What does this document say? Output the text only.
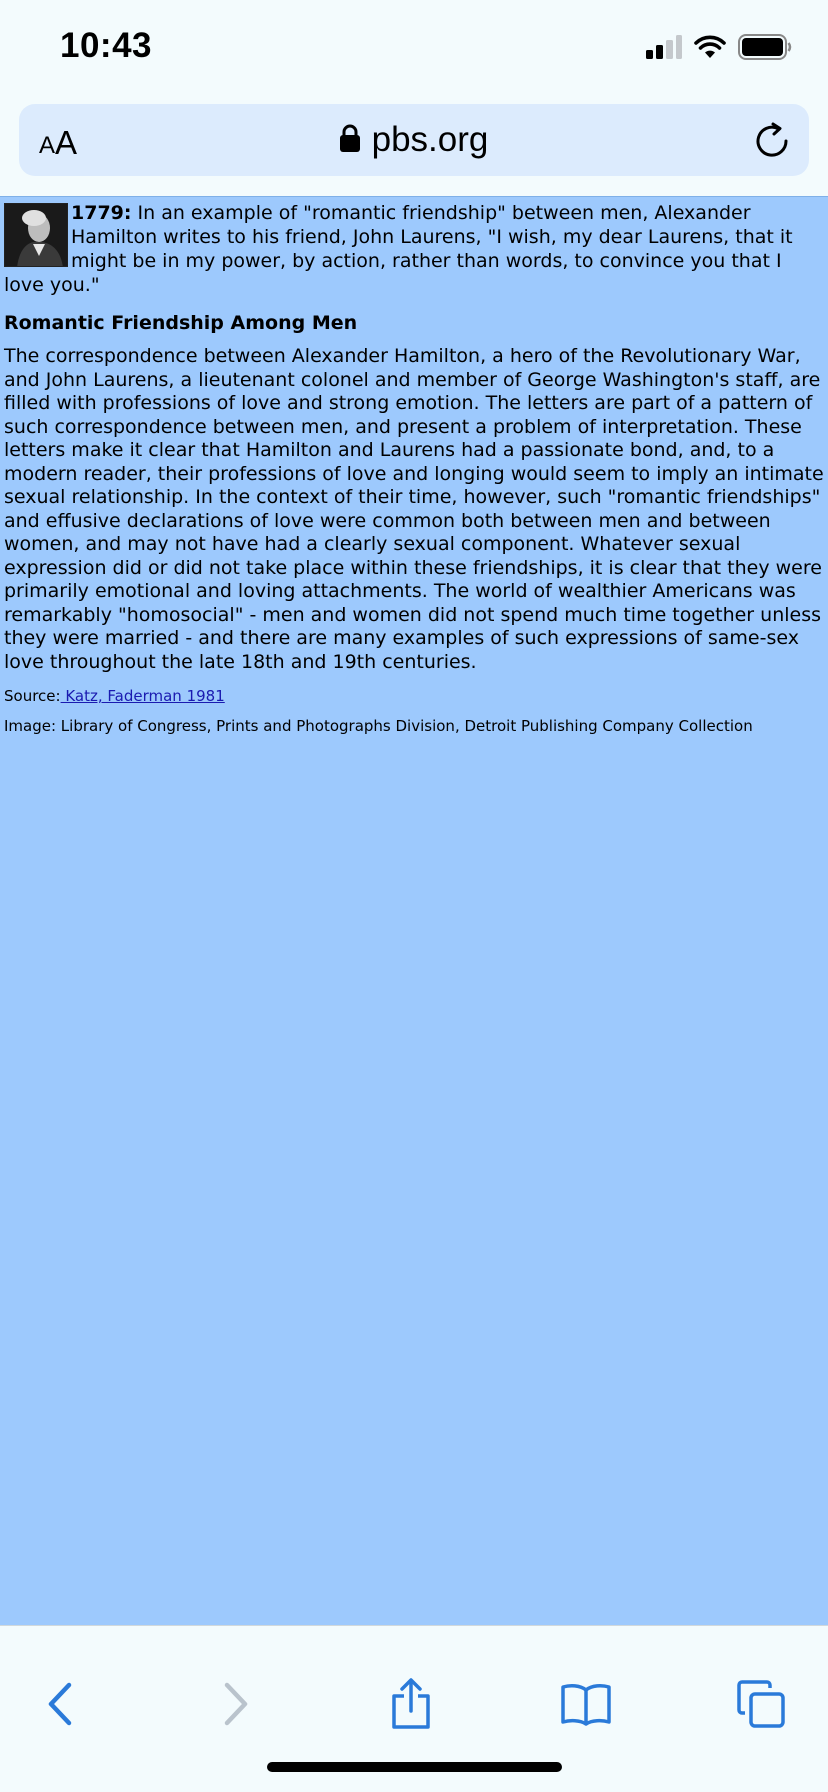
10:43
A A	pbs.org

1779: In an example of "romantic friendship" between men, Alexander Hamilton writes to his friend, John Laurens, "I wish, my dear Laurens, that it might be in my power, by action, rather than words, to convince you that I love you."

Romantic Friendship Among Men

The correspondence between Alexander Hamilton, a hero of the Revolutionary War, and John Laurens, a lieutenant colonel and member of George Washington's staff, are filled with professions of love and strong emotion. The letters are part of a pattern of such correspondence between men, and present a problem of interpretation. These letters make it clear that Hamilton and Laurens had a passionate bond, and, to a modern reader, their professions of love and longing would seem to imply an intimate sexual relationship. In the context of their time, however, such "romantic friendships" and effusive declarations of love were common both between men and between women, and may not have had a clearly sexual component. Whatever sexual expression did or did not take place within these friendships, it is clear that they were primarily emotional and loving attachments. The world of wealthier Americans was remarkably "homosocial" - men and women did not spend much time together unless they were married - and there are many examples of such expressions of same-sex love throughout the late 18th and 19th centuries.

Source: Katz, Faderman 1981

Image: Library of Congress, Prints and Photographs Division, Detroit Publishing Company Collection
